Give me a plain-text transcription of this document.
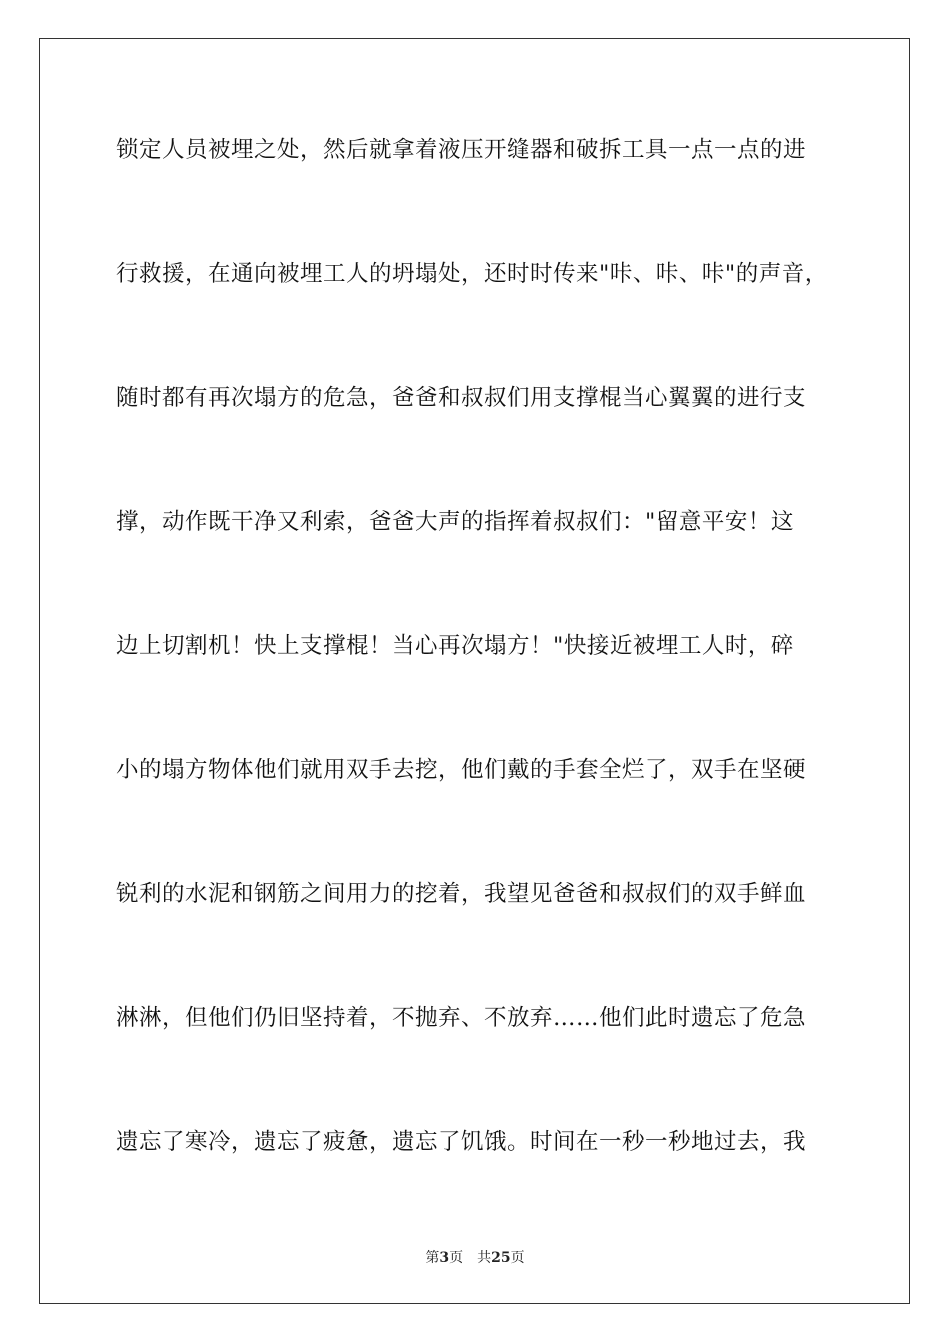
锁定人员被埋之处，然后就拿着液压开缝器和破拆工具一点一点的进
行救援，在通向被埋工人的坍塌处，还时时传来"咔、咔、咔"的声音，
随时都有再次塌方的危急，爸爸和叔叔们用支撑棍当心翼翼的进行支
撑，动作既干净又利索，爸爸大声的指挥着叔叔们："留意平安！这
边上切割机！快上支撑棍！当心再次塌方！"快接近被埋工人时，碎
小的塌方物体他们就用双手去挖，他们戴的手套全烂了，双手在坚硬
锐利的水泥和钢筋之间用力的挖着，我望见爸爸和叔叔们的双手鲜血
淋淋，但他们仍旧坚持着，不抛弃、不放弃……他们此时遗忘了危急
遗忘了寒冷，遗忘了疲惫，遗忘了饥饿。时间在一秒一秒地过去，我
第3页 共25页
